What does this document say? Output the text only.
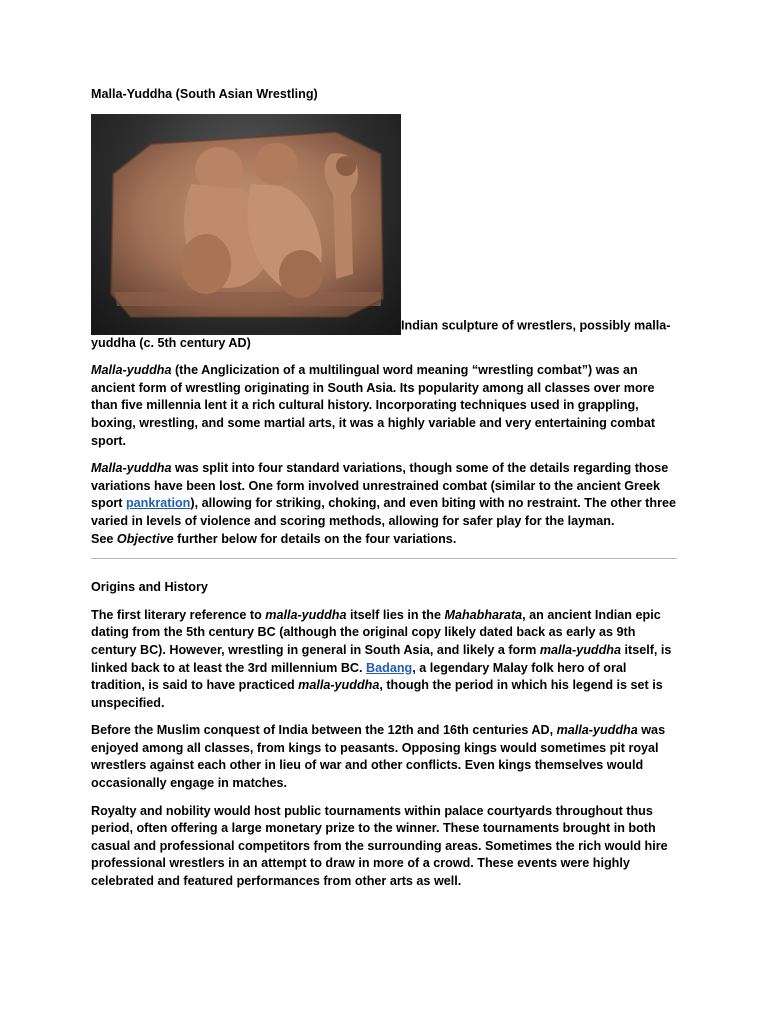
Malla-Yuddha (South Asian Wrestling)
Indian sculpture of wrestlers, possibly malla-yuddha (c. 5th century AD)

Malla-yuddha (the Anglicization of a multilingual word meaning “wrestling combat”) was an ancient form of wrestling originating in South Asia. Its popularity among all classes over more than five millennia lent it a rich cultural history. Incorporating techniques used in grappling, boxing, wrestling, and some martial arts, it was a highly variable and very entertaining combat sport.

Malla-yuddha was split into four standard variations, though some of the details regarding those variations have been lost. One form involved unrestrained combat (similar to the ancient Greek sport pankration), allowing for striking, choking, and even biting with no restraint. The other three varied in levels of violence and scoring methods, allowing for safer play for the layman.
See Objective further below for details on the four variations.

Origins and History

The first literary reference to malla-yuddha itself lies in the Mahabharata, an ancient Indian epic dating from the 5th century BC (although the original copy likely dated back as early as 9th century BC). However, wrestling in general in South Asia, and likely a form malla-yuddha itself, is linked back to at least the 3rd millennium BC. Badang, a legendary Malay folk hero of oral tradition, is said to have practiced malla-yuddha, though the period in which his legend is set is unspecified.

Before the Muslim conquest of India between the 12th and 16th centuries AD, malla-yuddha was enjoyed among all classes, from kings to peasants. Opposing kings would sometimes pit royal wrestlers against each other in lieu of war and other conflicts. Even kings themselves would occasionally engage in matches.

Royalty and nobility would host public tournaments within palace courtyards throughout thus period, often offering a large monetary prize to the winner. These tournaments brought in both casual and professional competitors from the surrounding areas. Sometimes the rich would hire professional wrestlers in an attempt to draw in more of a crowd. These events were highly celebrated and featured performances from other arts as well.
